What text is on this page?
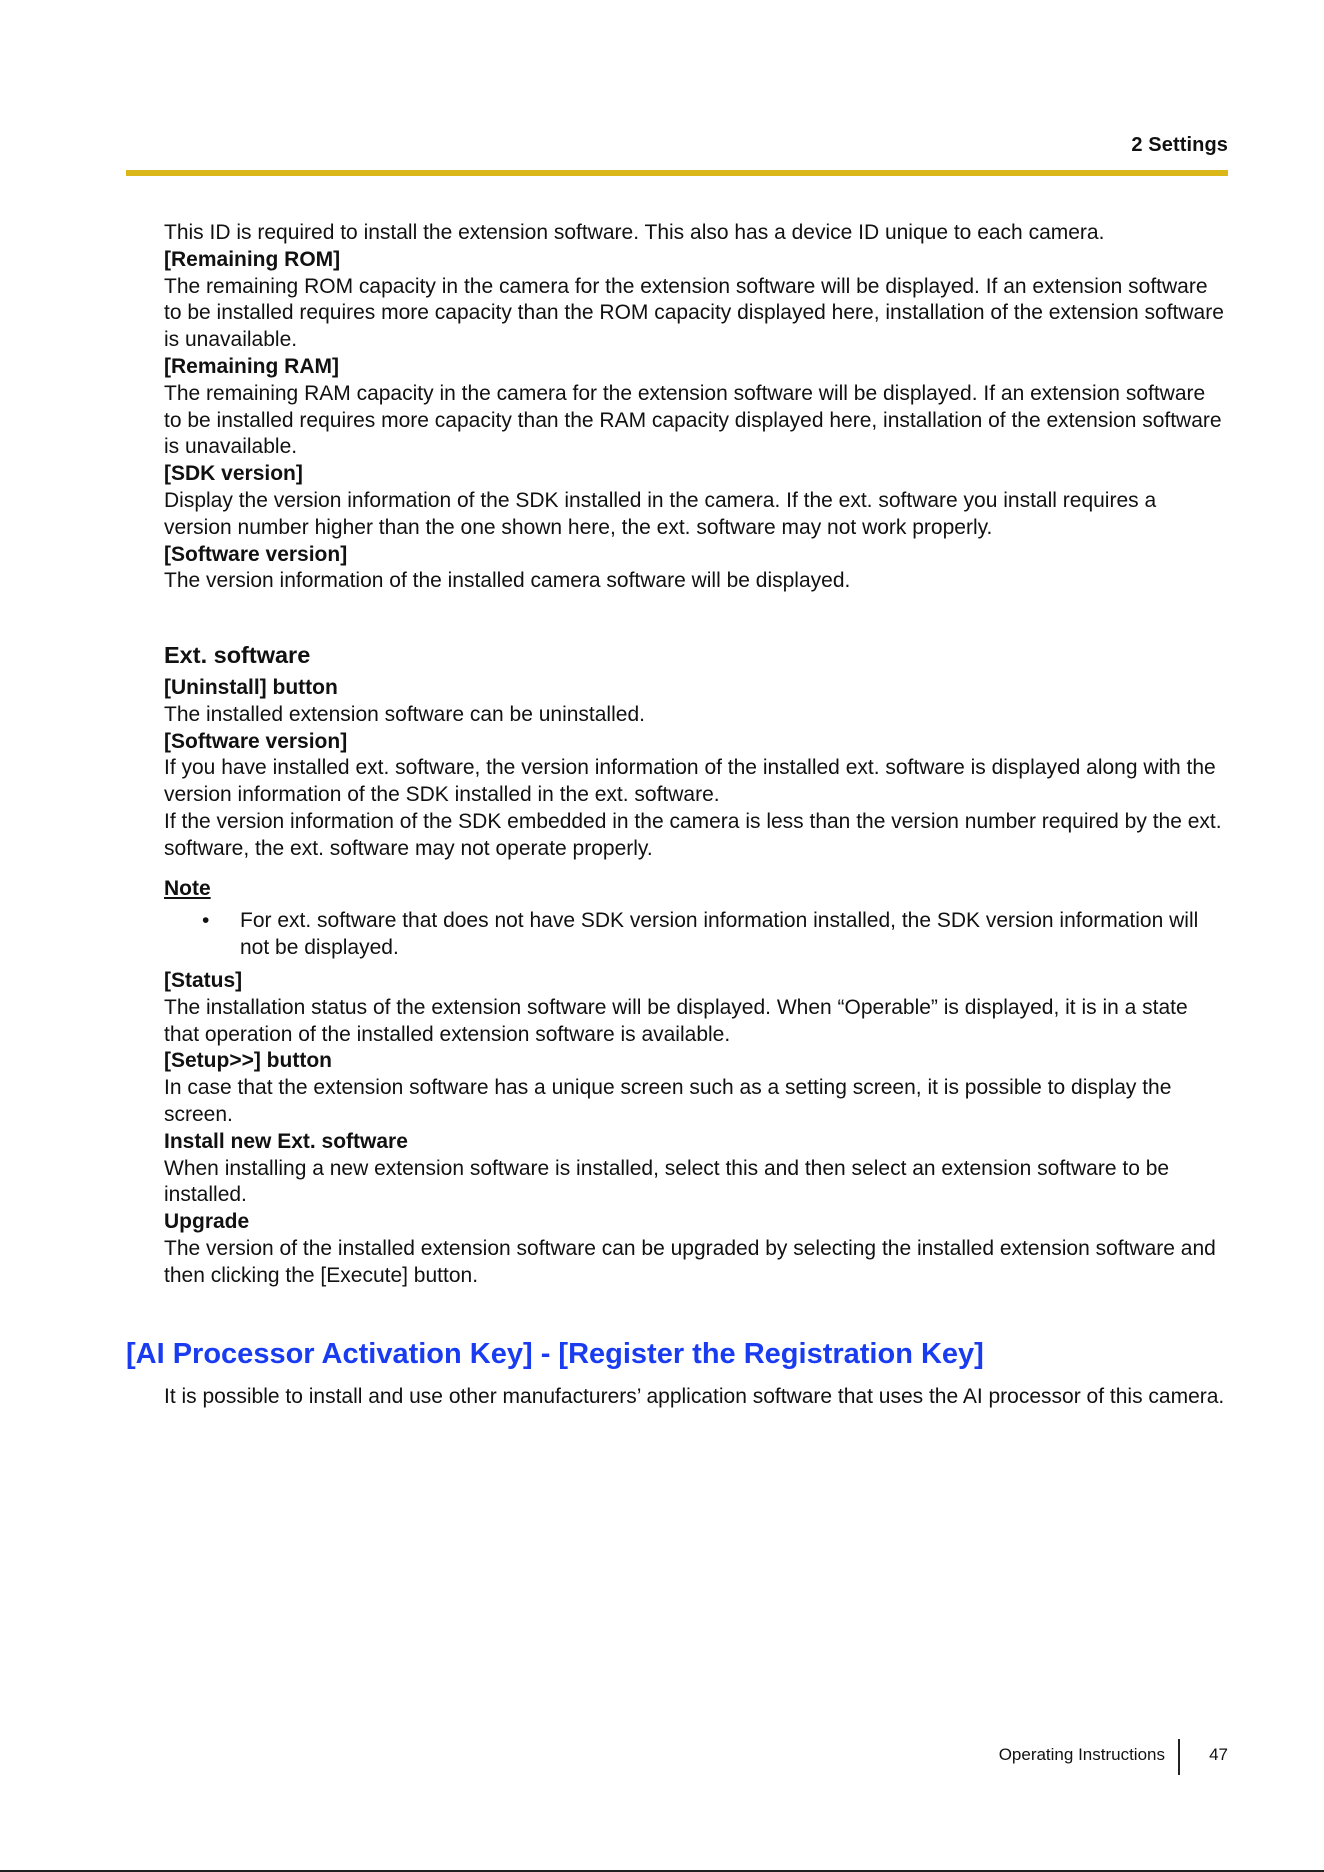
2 Settings

This ID is required to install the extension software. This also has a device ID unique to each camera.

[Remaining ROM]

The remaining ROM capacity in the camera for the extension software will be displayed. If an extension software to be installed requires more capacity than the ROM capacity displayed here, installation of the extension software is unavailable.

[Remaining RAM]

The remaining RAM capacity in the camera for the extension software will be displayed. If an extension software to be installed requires more capacity than the RAM capacity displayed here, installation of the extension software is unavailable.

[SDK version]

Display the version information of the SDK installed in the camera. If the ext. software you install requires a version number higher than the one shown here, the ext. software may not work properly.

[Software version]

The version information of the installed camera software will be displayed.

Ext. software

[Uninstall] button

The installed extension software can be uninstalled.

[Software version]

If you have installed ext. software, the version information of the installed ext. software is displayed along with the version information of the SDK installed in the ext. software.

If the version information of the SDK embedded in the camera is less than the version number required by the ext. software, the ext. software may not operate properly.

Note

• For ext. software that does not have SDK version information installed, the SDK version information will not be displayed.

[Status]

The installation status of the extension software will be displayed. When “Operable” is displayed, it is in a state that operation of the installed extension software is available.

[Setup>>] button

In case that the extension software has a unique screen such as a setting screen, it is possible to display the screen.

Install new Ext. software

When installing a new extension software is installed, select this and then select an extension software to be installed.

Upgrade

The version of the installed extension software can be upgraded by selecting the installed extension software and then clicking the [Execute] button.

[AI Processor Activation Key] - [Register the Registration Key]

It is possible to install and use other manufacturers’ application software that uses the AI processor of this camera.

Operating Instructions	47
